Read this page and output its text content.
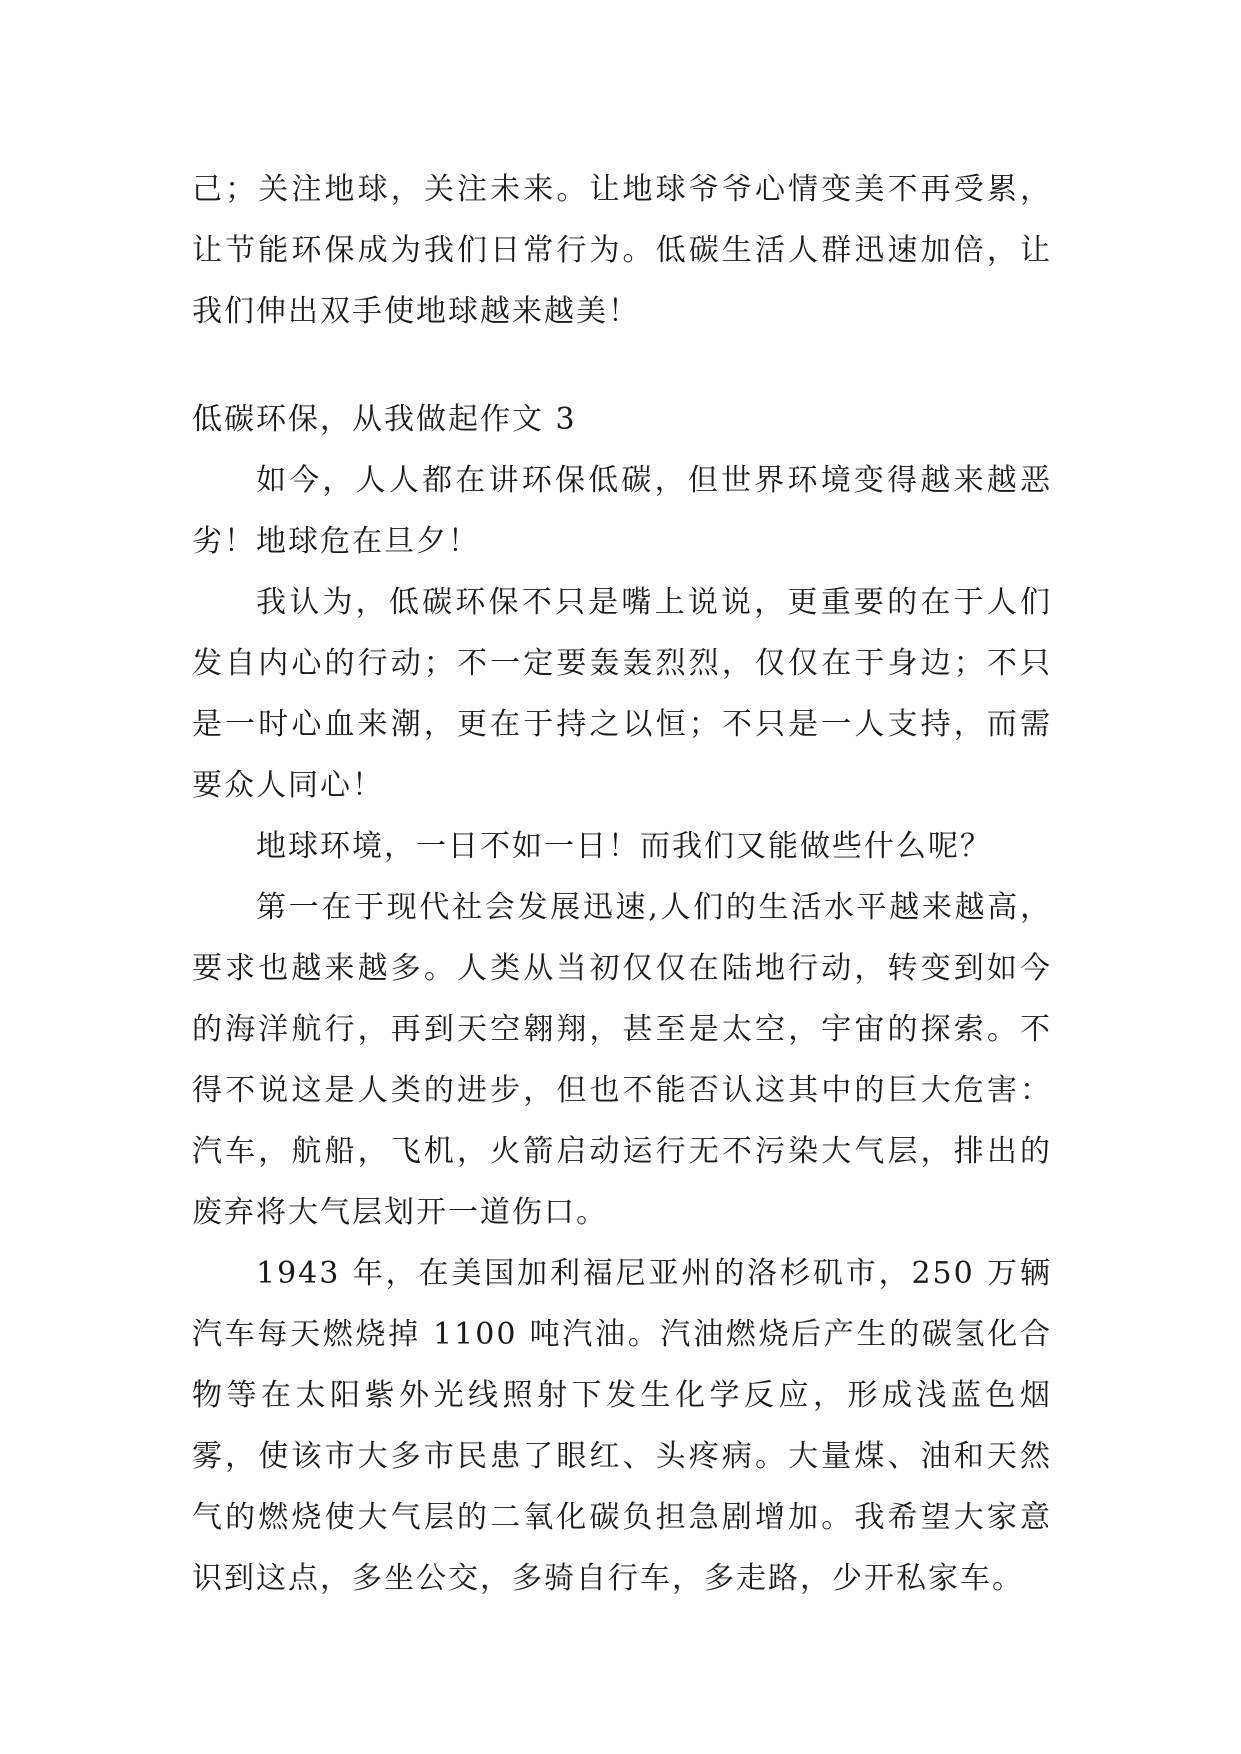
己；关注地球，关注未来。让地球爷爷心情变美不再受累，让节能环保成为我们日常行为。低碳生活人群迅速加倍，让我们伸出双手使地球越来越美！

低碳环保，从我做起作文 3

如今，人人都在讲环保低碳，但世界环境变得越来越恶劣！地球危在旦夕！

我认为，低碳环保不只是嘴上说说，更重要的在于人们发自内心的行动；不一定要轰轰烈烈，仅仅在于身边；不只是一时心血来潮，更在于持之以恒；不只是一人支持，而需要众人同心！

地球环境，一日不如一日！而我们又能做些什么呢？

第一在于现代社会发展迅速,人们的生活水平越来越高，要求也越来越多。人类从当初仅仅在陆地行动，转变到如今的海洋航行，再到天空翱翔，甚至是太空，宇宙的探索。不得不说这是人类的进步，但也不能否认这其中的巨大危害：汽车，航船，飞机，火箭启动运行无不污染大气层，排出的废弃将大气层划开一道伤口。

1943 年，在美国加利福尼亚州的洛杉矶市，250 万辆汽车每天燃烧掉 1100 吨汽油。汽油燃烧后产生的碳氢化合物等在太阳紫外光线照射下发生化学反应，形成浅蓝色烟雾，使该市大多市民患了眼红、头疼病。大量煤、油和天然气的燃烧使大气层的二氧化碳负担急剧增加。我希望大家意识到这点，多坐公交，多骑自行车，多走路，少开私家车。
